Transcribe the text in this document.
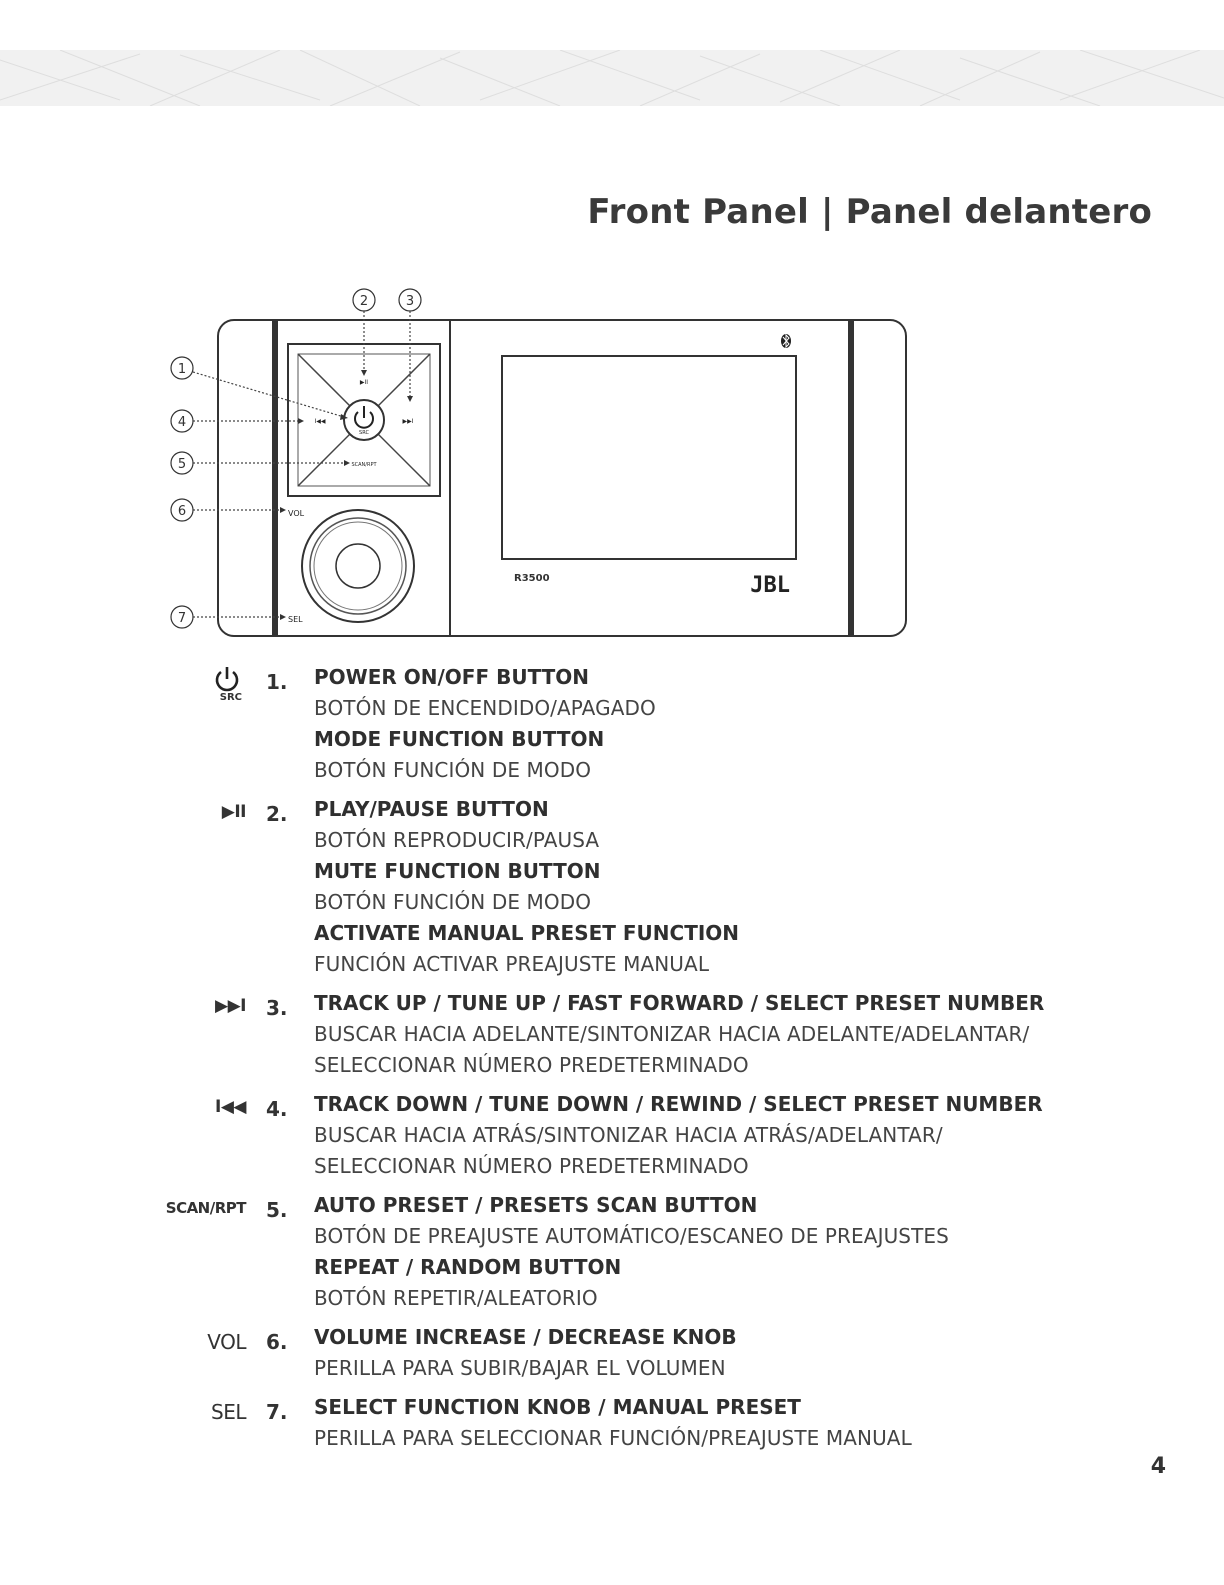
Front Panel | Panel delantero
SRC
▶II
▶▶I
I◀◀
SCAN/RPT
VOL
SEL
R3500	JBL
1
2	3
4
5
6
7
SRC
1. POWER ON/OFF BUTTON
BOTÓN DE ENCENDIDO/APAGADO
MODE FUNCTION BUTTON
BOTÓN FUNCIÓN DE MODO
▶II 2. PLAY/PAUSE BUTTON
BOTÓN REPRODUCIR/PAUSA
MUTE FUNCTION BUTTON
BOTÓN FUNCIÓN DE MODO
ACTIVATE MANUAL PRESET FUNCTION
FUNCIÓN ACTIVAR PREAJUSTE MANUAL
▶▶I 3. TRACK UP / TUNE UP / FAST FORWARD / SELECT PRESET NUMBER
BUSCAR HACIA ADELANTE/SINTONIZAR HACIA ADELANTE/ADELANTAR/
SELECCIONAR NÚMERO PREDETERMINADO
I◀◀ 4. TRACK DOWN / TUNE DOWN / REWIND / SELECT PRESET NUMBER
BUSCAR HACIA ATRÁS/SINTONIZAR HACIA ATRÁS/ADELANTAR/
SELECCIONAR NÚMERO PREDETERMINADO
SCAN/RPT 5. AUTO PRESET / PRESETS SCAN BUTTON
BOTÓN DE PREAJUSTE AUTOMÁTICO/ESCANEO DE PREAJUSTES
REPEAT / RANDOM BUTTON
BOTÓN REPETIR/ALEATORIO
VOL 6. VOLUME INCREASE / DECREASE KNOB
PERILLA PARA SUBIR/BAJAR EL VOLUMEN
SEL 7. SELECT FUNCTION KNOB / MANUAL PRESET
PERILLA PARA SELECCIONAR FUNCIÓN/PREAJUSTE MANUAL
4
